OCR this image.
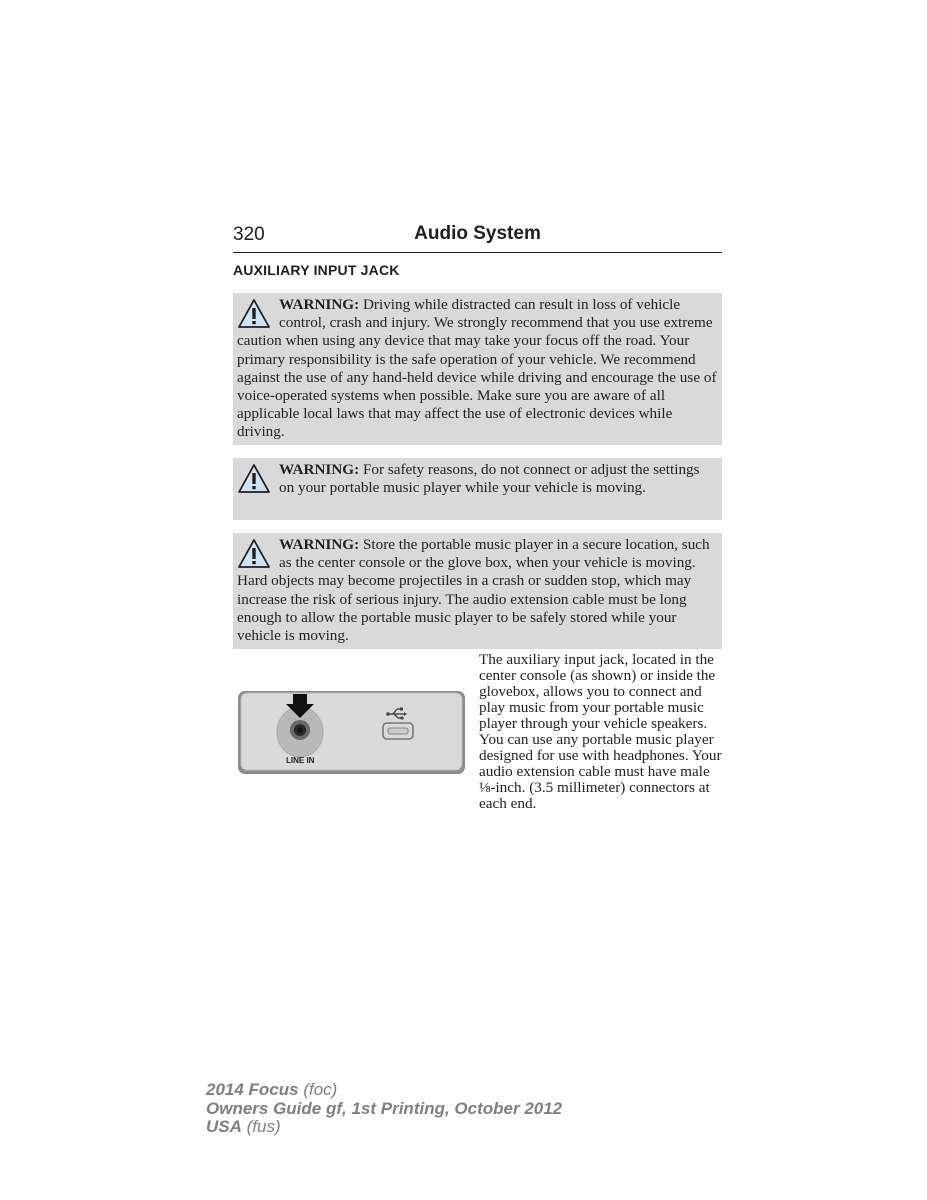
320	Audio System
AUXILIARY INPUT JACK
WARNING: Driving while distracted can result in loss of vehicle control, crash and injury. We strongly recommend that you use extreme caution when using any device that may take your focus off the road. Your primary responsibility is the safe operation of your vehicle. We recommend against the use of any hand-held device while driving and encourage the use of voice-operated systems when possible. Make sure you are aware of all applicable local laws that may affect the use of electronic devices while driving.
WARNING: For safety reasons, do not connect or adjust the settings on your portable music player while your vehicle is moving.
WARNING: Store the portable music player in a secure location, such as the center console or the glove box, when your vehicle is moving. Hard objects may become projectiles in a crash or sudden stop, which may increase the risk of serious injury. The audio extension cable must be long enough to allow the portable music player to be safely stored while your vehicle is moving.
LINE IN
The auxiliary input jack, located in the center console (as shown) or inside the glovebox, allows you to connect and play music from your portable music player through your vehicle speakers. You can use any portable music player designed for use with headphones. Your audio extension cable must have male ⅛-inch. (3.5 millimeter) connectors at each end.
2014 Focus (foc)
Owners Guide gf, 1st Printing, October 2012
USA (fus)
